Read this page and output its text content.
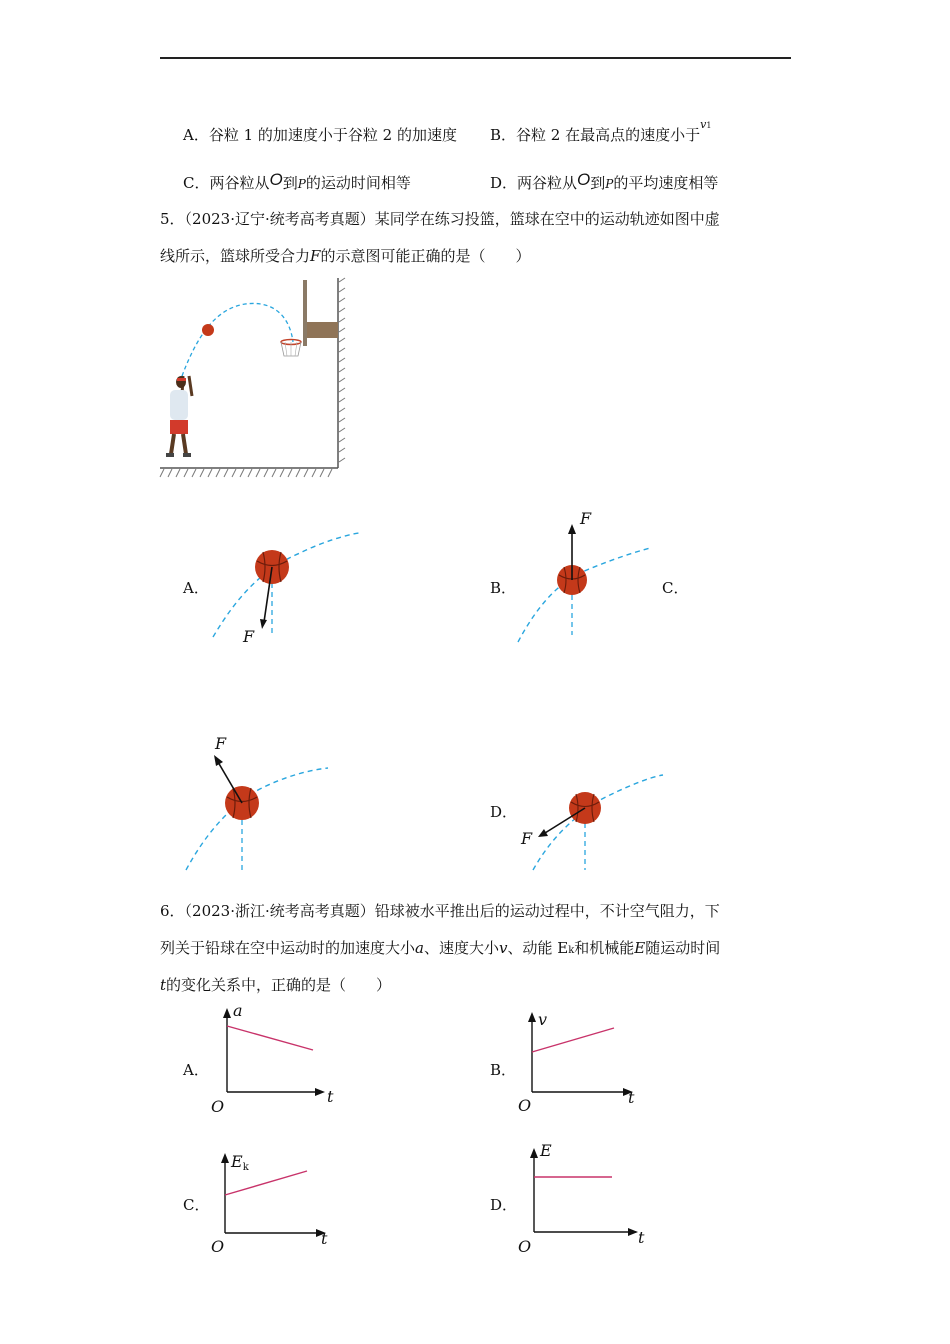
A．谷粒 1 的加速度小于谷粒 2 的加速度 B．谷粒 2 在最高点的速度小于$^{v1}$
C．两谷粒从O到P的运动时间相等	D．两谷粒从O到P的平均速度相等
5．（2023·辽宁·统考高考真题）某同学在练习投篮，篮球在空中的运动轨迹如图中虚
线所示，篮球所受合力F的示意图可能正确的是（　　）
A．	B．	C．
D．
F
F
F
F
6．（2023·浙江·统考高考真题）铅球被水平推出后的运动过程中，不计空气阻力，下
列关于铅球在空中运动时的加速度大小a、速度大小v、动能 Ek和机械能E随运动时间
t的变化关系中，正确的是（　　）
A．	B．
C．	D．
a
t
O
v
t
O
Ek
t
O
E
t
O
